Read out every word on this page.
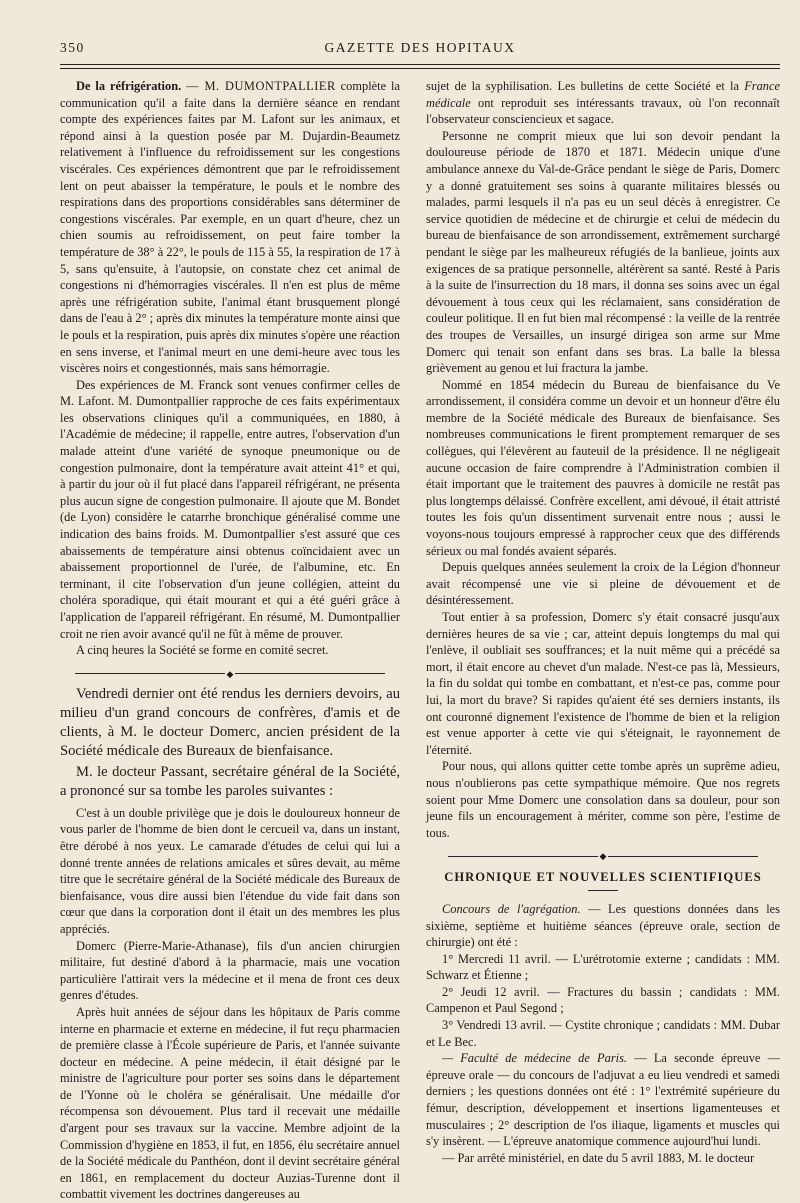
350	GAZETTE DES HOPITAUX

De la réfrigération. — M. DUMONTPALLIER complète la communication qu'il a faite dans la dernière séance en rendant compte des expériences faites par M. Lafont sur les animaux, et répond ainsi à la question posée par M. Dujardin-Beaumetz relativement à l'influence du refroidissement sur les congestions viscérales. Ces expériences démontrent que par le refroidissement lent on peut abaisser la température, le pouls et le nombre des respirations dans des proportions considérables sans déterminer de congestions viscérales. Par exemple, en un quart d'heure, chez un chien soumis au refroidissement, on peut faire tomber la température de 38° à 22°, le pouls de 115 à 55, la respiration de 17 à 5, sans qu'ensuite, à l'autopsie, on constate chez cet animal de congestions ni d'hémorragies viscérales. Il n'en est plus de même après une réfrigération subite, l'animal étant brusquement plongé dans de l'eau à 2° ; après dix minutes la température monte ainsi que le pouls et la respiration, puis après dix minutes s'opère une réaction en sens inverse, et l'animal meurt en une demi-heure avec tous les viscères noirs et congestionnés, mais sans hémorragie.

Des expériences de M. Franck sont venues confirmer celles de M. Lafont. M. Dumontpallier rapproche de ces faits expérimentaux les observations cliniques qu'il a communiquées, en 1880, à l'Académie de médecine; il rappelle, entre autres, l'observation d'un malade atteint d'une variété de synoque pneumonique ou de congestion pulmonaire, dont la température avait atteint 41° et qui, à partir du jour où il fut placé dans l'appareil réfrigérant, ne présenta plus aucun signe de congestion pulmonaire. Il ajoute que M. Bondet (de Lyon) considère le catarrhe bronchique généralisé comme une indication des bains froids. M. Dumontpallier s'est assuré que ces abaissements de température ainsi obtenus coïncidaient avec un abaissement proportionnel de l'urée, de l'albumine, etc. En terminant, il cite l'observation d'un jeune collégien, atteint du choléra sporadique, qui était mourant et qui a été guéri grâce à l'application de l'appareil réfrigérant. En résumé, M. Dumontpallier croit ne rien avoir avancé qu'il ne fût à même de prouver.

A cinq heures la Société se forme en comité secret.

◆

Vendredi dernier ont été rendus les derniers devoirs, au milieu d'un grand concours de confrères, d'amis et de clients, à M. le docteur Domerc, ancien président de la Société médicale des Bureaux de bienfaisance.

M. le docteur Passant, secrétaire général de la Société, a prononcé sur sa tombe les paroles suivantes :

C'est à un double privilège que je dois le douloureux honneur de vous parler de l'homme de bien dont le cercueil va, dans un instant, être dérobé à nos yeux. Le camarade d'études de celui qui lui a donné trente années de relations amicales et sûres devait, au même titre que le secrétaire général de la Société médicale des Bureaux de bienfaisance, vous dire aussi bien l'étendue du vide fait dans son cœur que dans la corporation dont il était un des membres les plus appréciés.

Domerc (Pierre-Marie-Athanase), fils d'un ancien chirurgien militaire, fut destiné d'abord à la pharmacie, mais une vocation particulière l'attirait vers la médecine et il mena de front ces deux genres d'études.

Après huit années de séjour dans les hôpitaux de Paris comme interne en pharmacie et externe en médecine, il fut reçu pharmacien de première classe à l'École supérieure de Paris, et l'année suivante docteur en médecine. A peine médecin, il était désigné par le ministre de l'agriculture pour porter ses soins dans le département de l'Yonne où le choléra se généralisait. Une médaille d'or récompensa son dévouement. Plus tard il recevait une médaille d'argent pour ses travaux sur la vaccine. Membre adjoint de la Commission d'hygiène en 1853, il fut, en 1856, élu secrétaire annuel de la Société médicale du Panthéon, dont il devint secrétaire général en 1861, en remplacement du docteur Auzias-Turenne dont il combattit vivement les doctrines dangereuses au

sujet de la syphilisation. Les bulletins de cette Société et la France médicale ont reproduit ses intéressants travaux, où l'on reconnaît l'observateur consciencieux et sagace.

Personne ne comprit mieux que lui son devoir pendant la douloureuse période de 1870 et 1871. Médecin unique d'une ambulance annexe du Val-de-Grâce pendant le siège de Paris, Domerc y a donné gratuitement ses soins à quarante militaires blessés ou malades, parmi lesquels il n'a pas eu un seul décès à enregistrer. Ce service quotidien de médecine et de chirurgie et celui de médecin du bureau de bienfaisance de son arrondissement, extrêmement surchargé pendant le siège par les malheureux réfugiés de la banlieue, joints aux exigences de sa pratique personnelle, altérèrent sa santé. Resté à Paris à la suite de l'insurrection du 18 mars, il donna ses soins avec un égal dévouement à tous ceux qui les réclamaient, sans considération de couleur politique. Il en fut bien mal récompensé : la veille de la rentrée des troupes de Versailles, un insurgé dirigea son arme sur Mme Domerc qui tenait son enfant dans ses bras. La balle la blessa grièvement au genou et lui fractura la jambe.

Nommé en 1854 médecin du Bureau de bienfaisance du Ve arrondissement, il considéra comme un devoir et un honneur d'être élu membre de la Société médicale des Bureaux de bienfaisance. Ses nombreuses communications le firent promptement remarquer de ses collègues, qui l'élevèrent au fauteuil de la présidence. Il ne négligeait aucune occasion de faire comprendre à l'Administration combien il était important que le traitement des pauvres à domicile ne restât pas plus longtemps délaissé. Confrère excellent, ami dévoué, il était attristé toutes les fois qu'un dissentiment survenait entre nous ; aussi le voyons-nous toujours empressé à rapprocher ceux que des différends sérieux ou mal fondés avaient séparés.

Depuis quelques années seulement la croix de la Légion d'honneur avait récompensé une vie si pleine de dévouement et de désintéressement.

Tout entier à sa profession, Domerc s'y était consacré jusqu'aux dernières heures de sa vie ; car, atteint depuis longtemps du mal qui l'enlève, il oubliait ses souffrances; et la nuit même qui a précédé sa mort, il était encore au chevet d'un malade. N'est-ce pas là, Messieurs, la fin du soldat qui tombe en combattant, et n'est-ce pas, comme pour lui, la mort du brave? Si rapides qu'aient été ses derniers instants, ils ont couronné dignement l'existence de l'homme de bien et la religion est venue apporter à cette vie qui s'éteignait, le rayonnement de l'éternité.

Pour nous, qui allons quitter cette tombe après un suprême adieu, nous n'oublierons pas cette sympathique mémoire. Que nos regrets soient pour Mme Domerc une consolation dans sa douleur, pour son jeune fils un encouragement à mériter, comme son père, l'estime de tous.

◆
CHRONIQUE ET NOUVELLES SCIENTIFIQUES

Concours de l'agrégation. — Les questions données dans les sixième, septième et huitième séances (épreuve orale, section de chirurgie) ont été :

1° Mercredi 11 avril. — L'urétrotomie externe ; candidats : MM. Schwarz et Étienne ;

2° Jeudi 12 avril. — Fractures du bassin ; candidats : MM. Campenon et Paul Segond ;

3° Vendredi 13 avril. — Cystite chronique ; candidats : MM. Dubar et Le Bec.

— Faculté de médecine de Paris. — La seconde épreuve — épreuve orale — du concours de l'adjuvat a eu lieu vendredi et samedi derniers ; les questions données ont été : 1° l'extrémité supérieure du fémur, description, développement et insertions ligamenteuses et musculaires ; 2° description de l'os iliaque, ligaments et muscles qui s'y insèrent. — L'épreuve anatomique commence aujourd'hui lundi.

— Par arrêté ministériel, en date du 5 avril 1883, M. le docteur
